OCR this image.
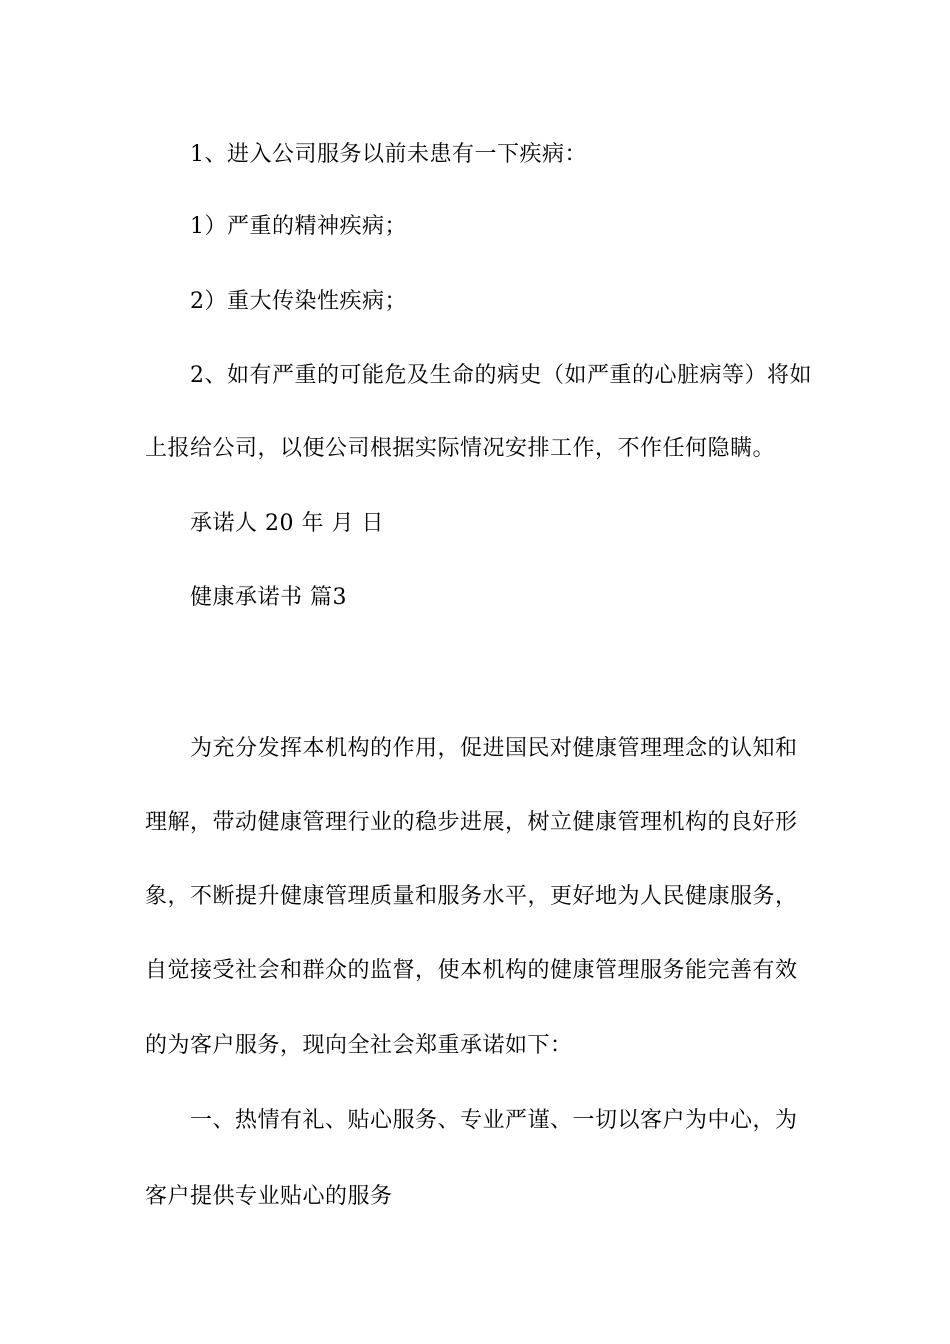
1、进入公司服务以前未患有一下疾病：
1）严重的精神疾病；
2）重大传染性疾病；
2、如有严重的可能危及生命的病史（如严重的心脏病等）将如
上报给公司，以便公司根据实际情况安排工作，不作任何隐瞒。
承诺人 20 年 月 日
健康承诺书 篇3
为充分发挥本机构的作用，促进国民对健康管理理念的认知和
理解，带动健康管理行业的稳步进展，树立健康管理机构的良好形
象，不断提升健康管理质量和服务水平，更好地为人民健康服务，
自觉接受社会和群众的监督，使本机构的健康管理服务能完善有效
的为客户服务，现向全社会郑重承诺如下：
一、热情有礼、贴心服务、专业严谨、一切以客户为中心，为
客户提供专业贴心的服务
